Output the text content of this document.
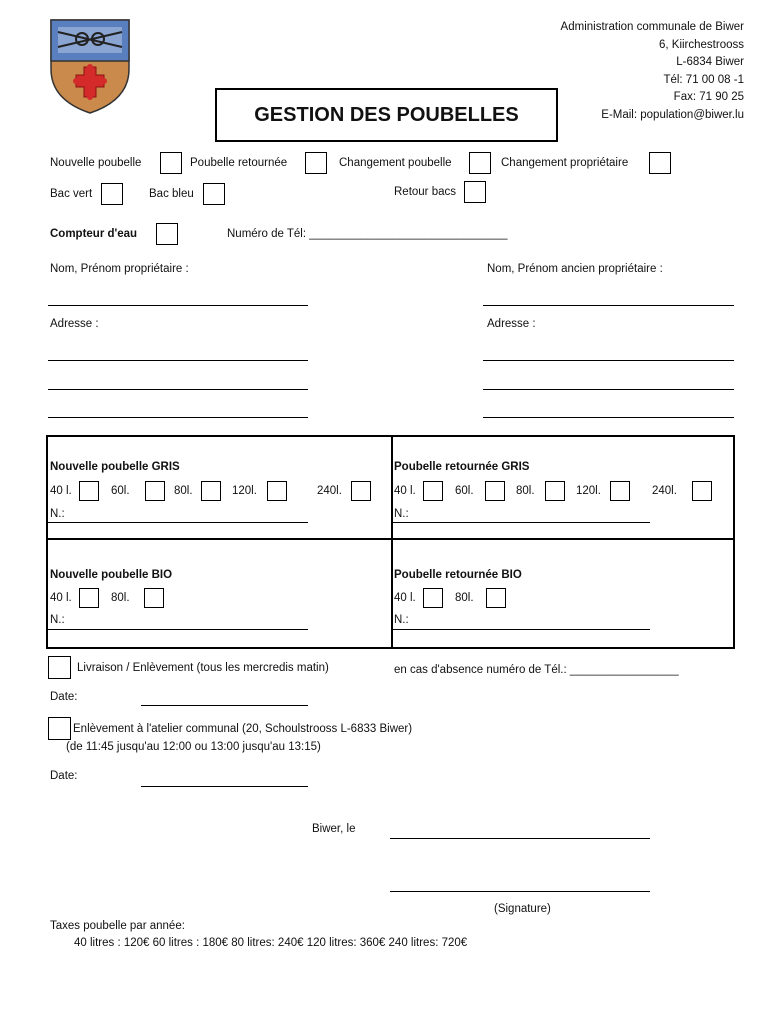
Administration communale de Biwer
6, Kiirchestrooss
L-6834 Biwer
Tél: 71 00 08 -1
Fax: 71 90 25
E-Mail: population@biwer.lu
GESTION DES POUBELLES
Nouvelle poubelle	Poubelle retournée	Changement poubelle	Changement propriétaire
Bac vert	Bac bleu	Retour bacs
Compteur d'eau	Numéro de Tél: _______________________________
Nom, Prénom propriétaire :	Nom, Prénom ancien propriétaire :
Adresse :	Adresse :
Nouvelle poubelle GRIS
40 l.	60l.	80l.	120l.	240l.
N.:
Poubelle retournée GRIS
40 l.	60l.	80l.	120l.	240l.
N.:
Nouvelle poubelle BIO
40 l.	80l.
N.:
Poubelle retournée BIO
40 l.	80l.
N.:
Livraison / Enlèvement (tous les mercredis matin)	en cas d'absence numéro de Tél.: _________________
Date:
Enlèvement à l'atelier communal (20, Schoulstrooss L-6833 Biwer)
(de 11:45 jusqu'au 12:00 ou 13:00 jusqu'au 13:15)
Date:
Biwer, le
(Signature)
Taxes poubelle par année:
40 litres : 120€ 60 litres : 180€ 80 litres: 240€ 120 litres: 360€ 240 litres: 720€
